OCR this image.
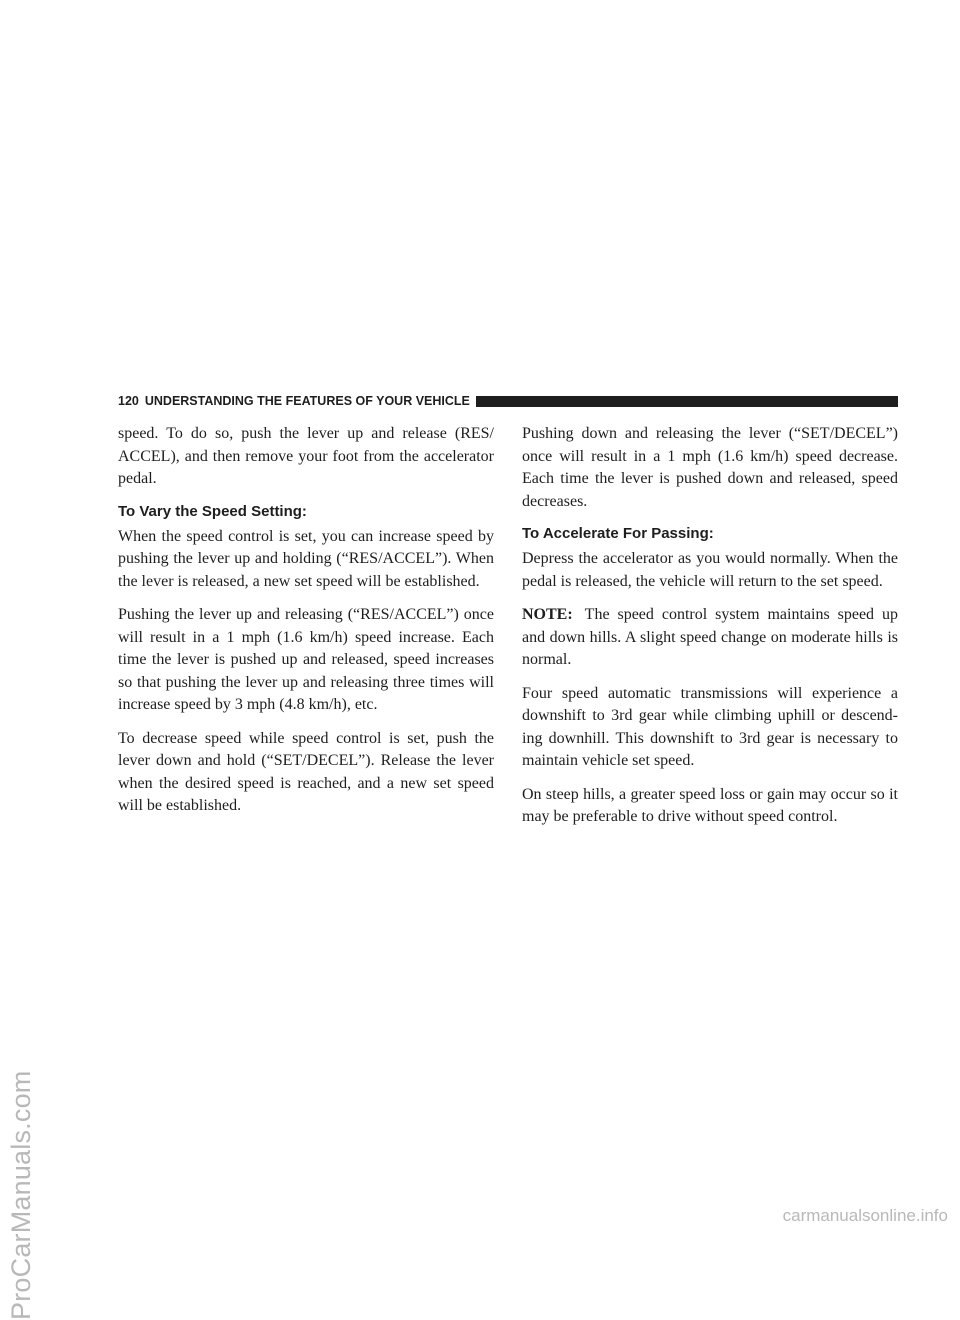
ProCarManuals.com
120 UNDERSTANDING THE FEATURES OF YOUR VEHICLE

speed. To do so, push the lever up and release (RES/ ACCEL), and then remove your foot from the accelerator pedal.

To Vary the Speed Setting:

When the speed control is set, you can increase speed by pushing the lever up and holding (“RES/ACCEL”). When the lever is released, a new set speed will be established.

Pushing the lever up and releasing (“RES/ACCEL”) once will result in a 1 mph (1.6 km/h) speed increase. Each time the lever is pushed up and released, speed increases so that pushing the lever up and releasing three times will increase speed by 3 mph (4.8 km/h), etc.

To decrease speed while speed control is set, push the lever down and hold (“SET/DECEL”). Release the lever when the desired speed is reached, and a new set speed will be established.

Pushing down and releasing the lever (“SET/DECEL”) once will result in a 1 mph (1.6 km/h) speed decrease. Each time the lever is pushed down and released, speed decreases.

To Accelerate For Passing:

Depress the accelerator as you would normally. When the pedal is released, the vehicle will return to the set speed.

NOTE: The speed control system maintains speed up and down hills. A slight speed change on moderate hills is normal.

Four speed automatic transmissions will experience a downshift to 3rd gear while climbing uphill or descend- ing downhill. This downshift to 3rd gear is necessary to maintain vehicle set speed.

On steep hills, a greater speed loss or gain may occur so it may be preferable to drive without speed control.

carmanualsonline.info
